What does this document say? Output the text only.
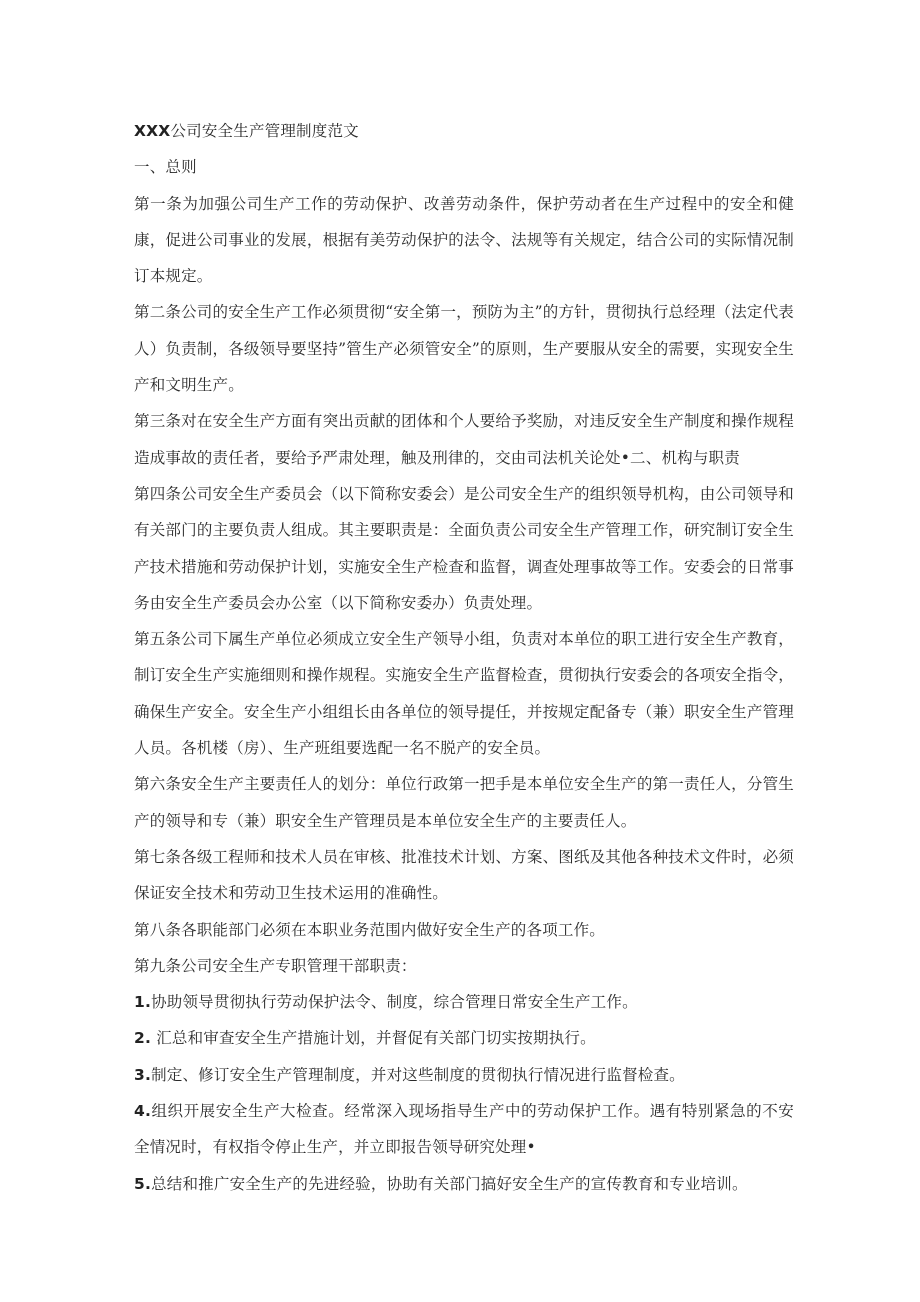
XXX公司安全生产管理制度范文

一、总则

第一条为加强公司生产工作的劳动保护、改善劳动条件，保护劳动者在生产过程中的安全和健康，促进公司事业的发展，根据有美劳动保护的法令、法规等有关规定，结合公司的实际情况制订本规定。

第二条公司的安全生产工作必须贯彻“安全第一，预防为主”的方针，贯彻执行总经理（法定代表人）负责制，各级领导要坚持”管生产必须管安全”的原则，生产要服从安全的需要，实现安全生产和文明生产。

第三条对在安全生产方面有突出贡献的团体和个人要给予奖励，对违反安全生产制度和操作规程造成事故的责任者，要给予严肃处理，触及刑律的，交由司法机关论处•二、机构与职责

第四条公司安全生产委员会（以下简称安委会）是公司安全生产的组织领导机构，由公司领导和有关部门的主要负责人组成。其主要职责是：全面负责公司安全生产管理工作，研究制订安全生产技术措施和劳动保护计划，实施安全生产检查和监督，调查处理事故等工作。安委会的日常事务由安全生产委员会办公室（以下简称安委办）负责处理。

第五条公司下属生产单位必须成立安全生产领导小组，负责对本单位的职工进行安全生产教育，制订安全生产实施细则和操作规程。实施安全生产监督检查，贯彻执行安委会的各项安全指令，确保生产安全。安全生产小组组长由各单位的领导提任，并按规定配备专（兼）职安全生产管理人员。各机楼（房）、生产班组要选配一名不脱产的安全员。

第六条安全生产主要责任人的划分：单位行政第一把手是本单位安全生产的第一责任人，分管生产的领导和专（兼）职安全生产管理员是本单位安全生产的主要责任人。

第七条各级工程师和技术人员在审核、批准技术计划、方案、图纸及其他各种技术文件时，必须保证安全技术和劳动卫生技术运用的准确性。

第八条各职能部门必须在本职业务范围内做好安全生产的各项工作。

第九条公司安全生产专职管理干部职责：

1.协助领导贯彻执行劳动保护法令、制度，综合管理日常安全生产工作。

2. 汇总和审查安全生产措施计划，并督促有关部门切实按期执行。

3.制定、修订安全生产管理制度，并对这些制度的贯彻执行情况进行监督检查。

4.组织开展安全生产大检查。经常深入现场指导生产中的劳动保护工作。遇有特别紧急的不安全情况时，有权指令停止生产，并立即报告领导研究处理•

5.总结和推广安全生产的先进经验，协助有关部门搞好安全生产的宣传教育和专业培训。
